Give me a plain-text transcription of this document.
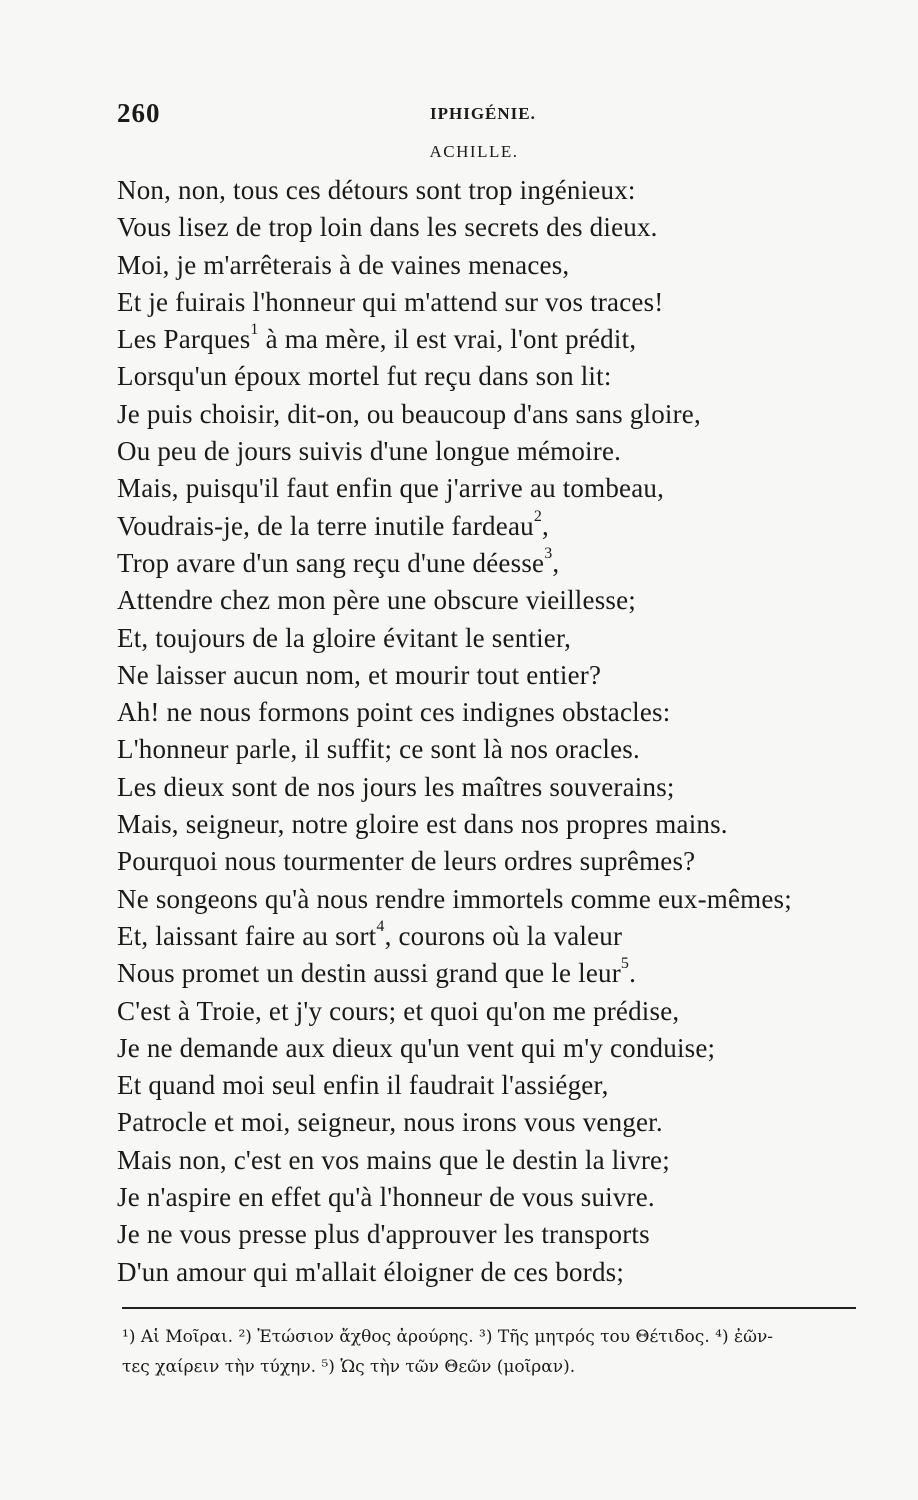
260	IPHIGÉNIE.
ACHILLE.
Non, non, tous ces détours sont trop ingénieux:
Vous lisez de trop loin dans les secrets des dieux.
Moi, je m'arrêterais à de vaines menaces,
Et je fuirais l'honneur qui m'attend sur vos traces!
Les Parques$^1$ à ma mère, il est vrai, l'ont prédit,
Lorsqu'un époux mortel fut reçu dans son lit:
Je puis choisir, dit-on, ou beaucoup d'ans sans gloire,
Ou peu de jours suivis d'une longue mémoire.
Mais, puisqu'il faut enfin que j'arrive au tombeau,
Voudrais-je, de la terre inutile fardeau$^2$,
Trop avare d'un sang reçu d'une déesse$^3$,
Attendre chez mon père une obscure vieillesse;
Et, toujours de la gloire évitant le sentier,
Ne laisser aucun nom, et mourir tout entier?
Ah! ne nous formons point ces indignes obstacles:
L'honneur parle, il suffit; ce sont là nos oracles.
Les dieux sont de nos jours les maîtres souverains;
Mais, seigneur, notre gloire est dans nos propres mains.
Pourquoi nous tourmenter de leurs ordres suprêmes?
Ne songeons qu'à nous rendre immortels comme eux-mêmes;
Et, laissant faire au sort$^4$, courons où la valeur
Nous promet un destin aussi grand que le leur$^5$.
C'est à Troie, et j'y cours; et quoi qu'on me prédise,
Je ne demande aux dieux qu'un vent qui m'y conduise;
Et quand moi seul enfin il faudrait l'assiéger,
Patrocle et moi, seigneur, nous irons vous venger.
Mais non, c'est en vos mains que le destin la livre;
Je n'aspire en effet qu'à l'honneur de vous suivre.
Je ne vous presse plus d'approuver les transports
D'un amour qui m'allait éloigner de ces bords;
¹) Αἱ Μοῖραι. ²) Ἐτώσιον ἄχθος ἀρούρης. ³) Τῆς μητρός του Θέτιδος. ⁴) ἐῶν-
τες χαίρειν τὴν τύχην. ⁵) Ὡς τὴν τῶν Θεῶν (μοῖραν).
